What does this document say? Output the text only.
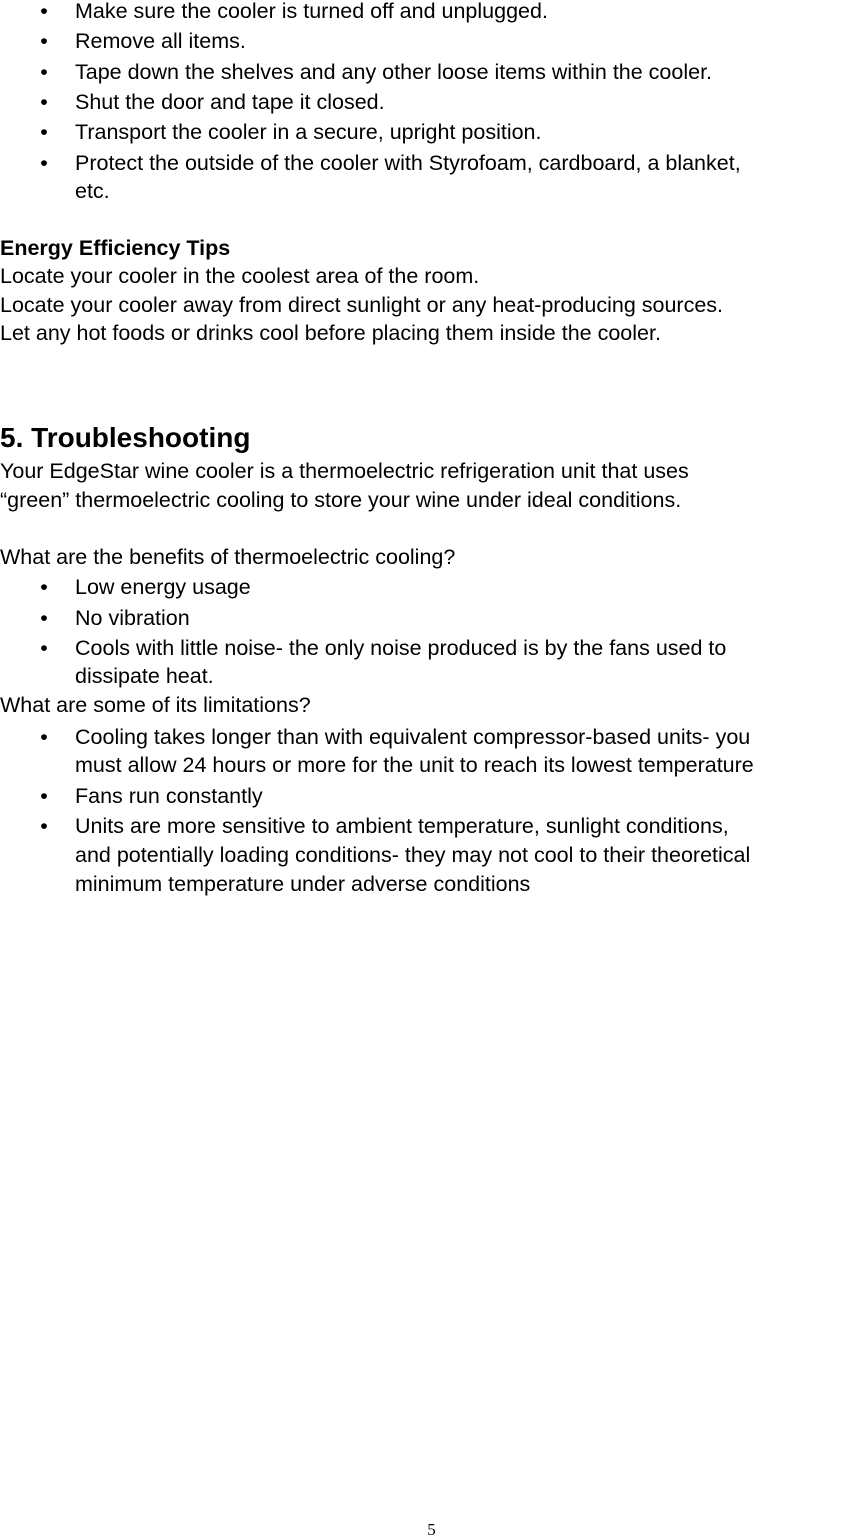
• Make sure the cooler is turned off and unplugged.
• Remove all items.
• Tape down the shelves and any other loose items within the cooler.
• Shut the door and tape it closed.
• Transport the cooler in a secure, upright position.
• Protect the outside of the cooler with Styrofoam, cardboard, a blanket,
etc.
Energy Efficiency Tips
Locate your cooler in the coolest area of the room.
Locate your cooler away from direct sunlight or any heat-producing sources.
Let any hot foods or drinks cool before placing them inside the cooler.
5. Troubleshooting
Your EdgeStar wine cooler is a thermoelectric refrigeration unit that uses
“green” thermoelectric cooling to store your wine under ideal conditions.
What are the benefits of thermoelectric cooling?
• Low energy usage
• No vibration
• Cools with little noise- the only noise produced is by the fans used to
dissipate heat.
What are some of its limitations?
• Cooling takes longer than with equivalent compressor-based units- you
must allow 24 hours or more for the unit to reach its lowest temperature
• Fans run constantly
• Units are more sensitive to ambient temperature, sunlight conditions,
and potentially loading conditions- they may not cool to their theoretical
minimum temperature under adverse conditions
5
